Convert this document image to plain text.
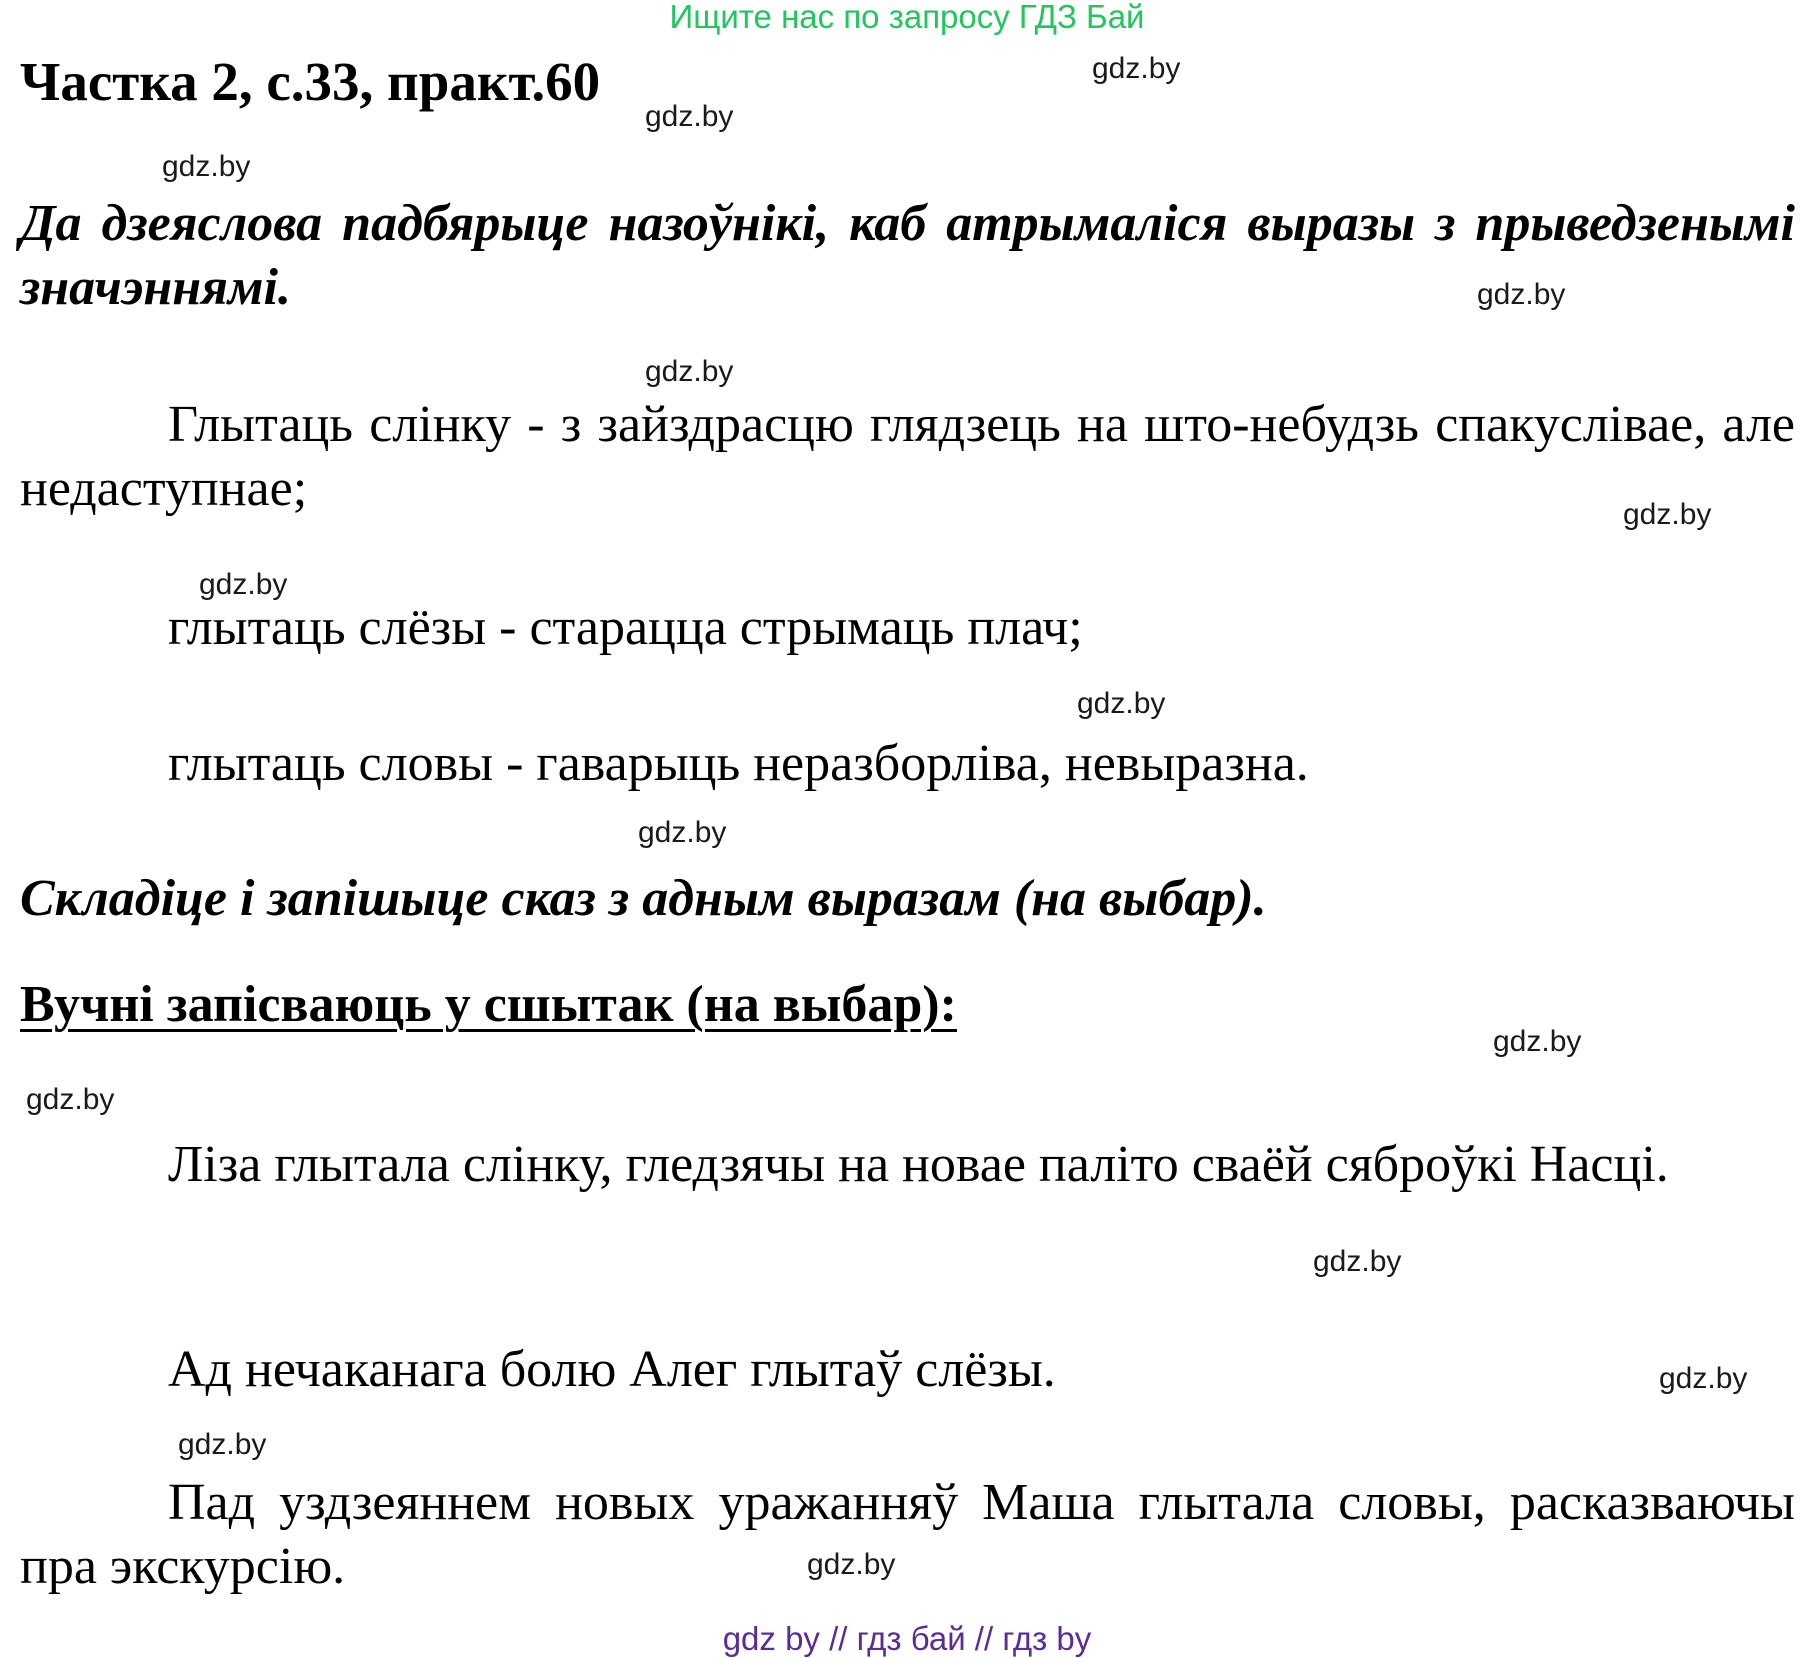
Ищите нас по запросу ГДЗ Бай
Частка 2, с.33, практ.60
Да дзеяслова падбярыце назоўнікі, каб атрымаліся выразы з прыведзенымі значэннямі.
Глытаць слінку - з зайздрасцю глядзець на што-небудзь спакуслівае, але недаступнае;
глытаць слёзы - старацца стрымаць плач;
глытаць словы - гаварыць неразборліва, невыразна.
Складіце і запішыце сказ з адным выразам (на выбар).
Вучні запісваюць у сшытак (на выбар):
Ліза глытала слінку, гледзячы на новае паліто сваёй сяброўкі Насці.
Ад нечаканага болю Алег глытаў слёзы.
Пад уздзеяннем новых уражанняў Маша глытала словы, расказваючы пра экскурсію.
gdz.by
gdz.by
gdz.by
gdz.by
gdz.by
gdz.by
gdz.by
gdz.by
gdz.by
gdz.by
gdz.by
gdz.by
gdz.by
gdz.by
gdz.by
gdz by // гдз бай // гдз by
